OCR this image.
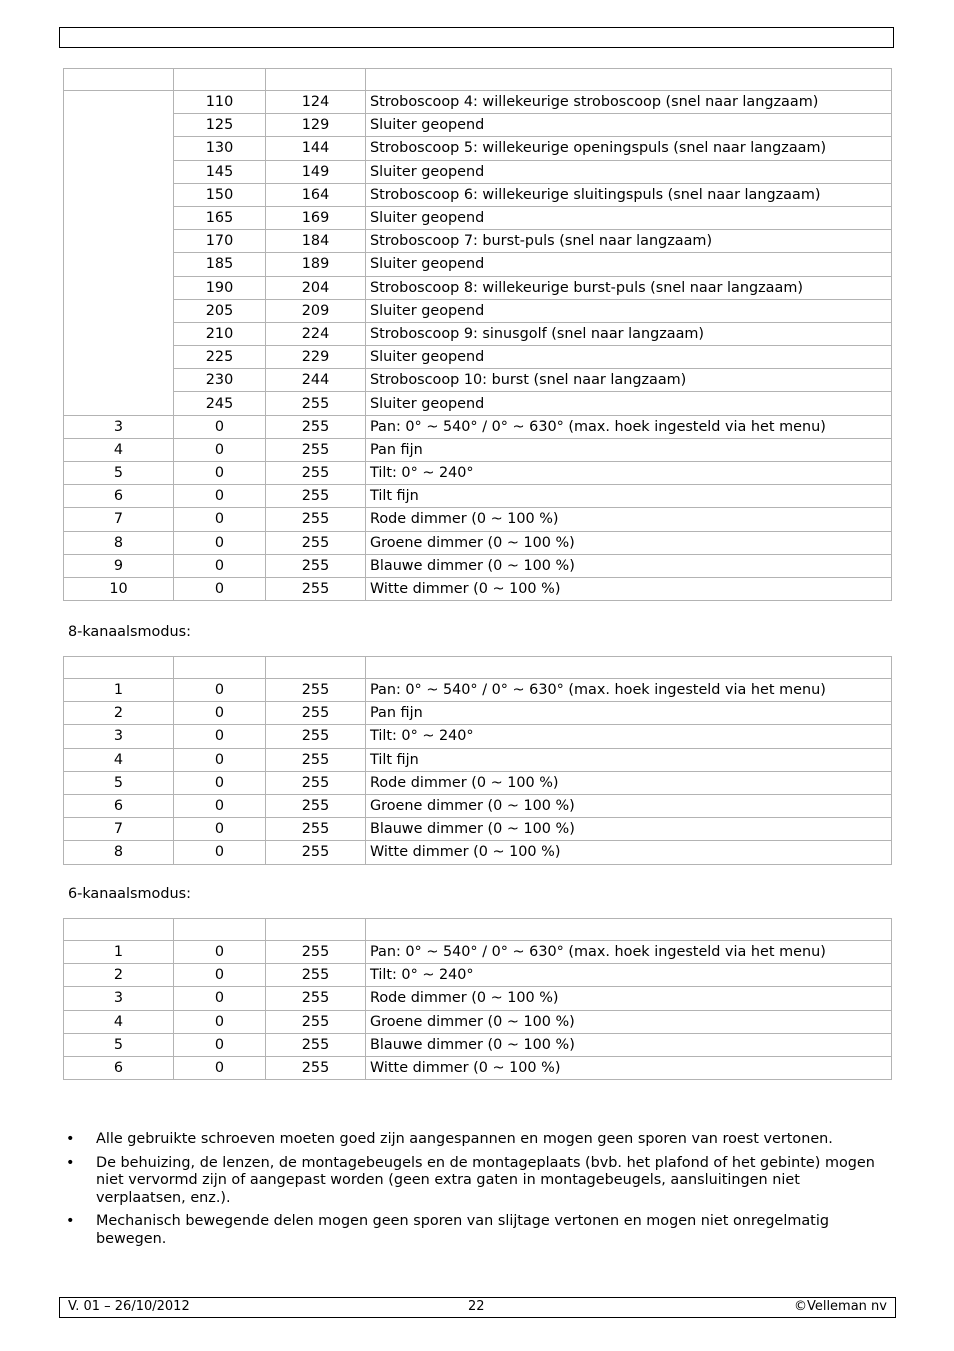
	110	124	Stroboscoop 4: willekeurige stroboscoop (snel naar langzaam)
	125	129	Sluiter geopend
	130	144	Stroboscoop 5: willekeurige openingspuls (snel naar langzaam)
	145	149	Sluiter geopend
	150	164	Stroboscoop 6: willekeurige sluitingspuls (snel naar langzaam)
	165	169	Sluiter geopend
	170	184	Stroboscoop 7: burst-puls (snel naar langzaam)
	185	189	Sluiter geopend
	190	204	Stroboscoop 8: willekeurige burst-puls (snel naar langzaam)
	205	209	Sluiter geopend
	210	224	Stroboscoop 9: sinusgolf (snel naar langzaam)
	225	229	Sluiter geopend
	230	244	Stroboscoop 10: burst (snel naar langzaam)
	245	255	Sluiter geopend
3	0	255	Pan: 0° ~ 540° / 0° ~ 630° (max. hoek ingesteld via het menu)
4	0	255	Pan fijn
5	0	255	Tilt: 0° ~ 240°
6	0	255	Tilt fijn
7	0	255	Rode dimmer (0 ~ 100 %)
8	0	255	Groene dimmer (0 ~ 100 %)
9	0	255	Blauwe dimmer (0 ~ 100 %)
10	0	255	Witte dimmer (0 ~ 100 %)
8-kanaalsmodus:

1	0	255	Pan: 0° ~ 540° / 0° ~ 630° (max. hoek ingesteld via het menu)
2	0	255	Pan fijn
3	0	255	Tilt: 0° ~ 240°
4	0	255	Tilt fijn
5	0	255	Rode dimmer (0 ~ 100 %)
6	0	255	Groene dimmer (0 ~ 100 %)
7	0	255	Blauwe dimmer (0 ~ 100 %)
8	0	255	Witte dimmer (0 ~ 100 %)
6-kanaalsmodus:

1	0	255	Pan: 0° ~ 540° / 0° ~ 630° (max. hoek ingesteld via het menu)
2	0	255	Tilt: 0° ~ 240°
3	0	255	Rode dimmer (0 ~ 100 %)
4	0	255	Groene dimmer (0 ~ 100 %)
5	0	255	Blauwe dimmer (0 ~ 100 %)
6	0	255	Witte dimmer (0 ~ 100 %)
• Alle gebruikte schroeven moeten goed zijn aangespannen en mogen geen sporen van roest vertonen.
• De behuizing, de lenzen, de montagebeugels en de montageplaats (bvb. het plafond of het gebinte) mogen niet vervormd zijn of aangepast worden (geen extra gaten in montagebeugels, aansluitingen niet verplaatsen, enz.).
• Mechanisch bewegende delen mogen geen sporen van slijtage vertonen en mogen niet onregelmatig bewegen.
V. 01 – 26/10/2012	22	©Velleman nv
